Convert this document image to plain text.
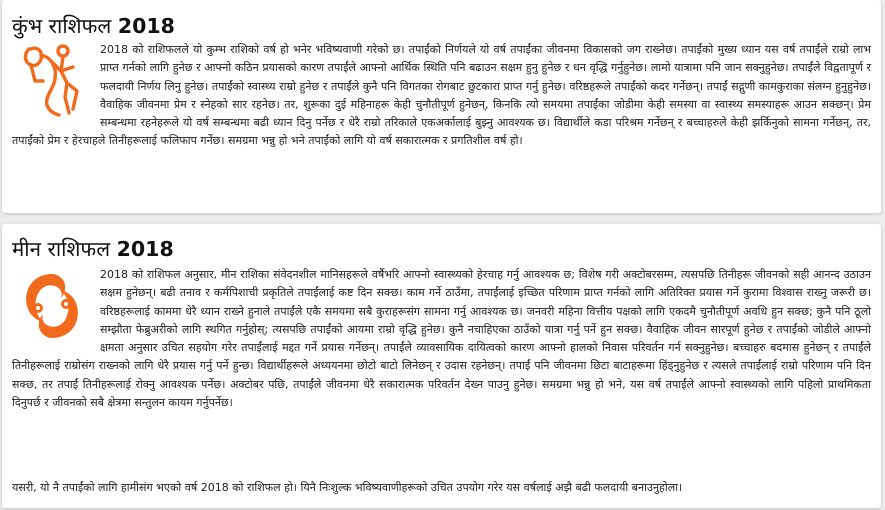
कुंभ राशिफल 2018

2018 को राशिफलले यो कुम्भ राशिको वर्ष हो भनेर भविष्यवाणी गरेको छ। तपाईंको निर्णयले यो वर्ष तपाईंका जीवनमा विकासको जग राख्नेछ। तपाईंको मुख्य ध्यान यस वर्ष तपाईंले राम्रो लाभ प्राप्त गर्नको लागि हुनेछ र आफ्नो कठिन प्रयासको कारण तपाईंले आफ्नो आर्थिक स्थिति पनि बढाउन सक्षम हुनु हुनेछ र धन वृद्धि गर्नुहुनेछ। लामो यात्रामा पनि जान सक्नुहुनेछ। तपाईंले विद्वतापूर्ण र फलदायी निर्णय लिनु हुनेछ। तपाईंको स्वास्थ्य राम्रो हुनेछ र तपाईंले कुनै पनि विगतका रोगबाट छुटकारा प्राप्त गर्नु हुनेछ। वरिष्ठहरूले तपाईंको कदर गर्नेछन्। तपाईं सद्गुणी कामकुराका संलग्न हुनुहुनेछ। वैवाहिक जीवनमा प्रेम र स्नेहको सार रहनेछ। तर, शुरूका दुई महिनाहरू केही चुनौतीपूर्ण हुनेछन्, किनकि त्यो समयमा तपाईंका जोडीमा केही समस्या वा स्वास्थ्य समस्याहरू आउन सक्छन्। प्रेम सम्बन्धमा रहनेहरूले यो वर्ष सम्बन्धमा बढी ध्यान दिनु पर्नेछ र धेरै राम्रो तरिकाले एकअर्कालाई बुझ्नु आवश्यक छ। विद्यार्थीले कडा परिश्रम गर्नेछन् र बच्चाहरुले केही झर्किनुको सामना गर्नेछन्, तर, तपाईंको प्रेम र हेरचाहले तिनीहरूलाई फलिफाप गर्नेछ। समग्रमा भन्नु हो भने तपाईंको लागि यो वर्ष सकारात्मक र प्रगतिशील वर्ष हो।

मीन राशिफल 2018

2018 को राशिफल अनुसार, मीन राशिका संवेदनशील मानिसहरूले वर्षैभरि आफ्नो स्वास्थ्यको हेरचाह गर्नु आवश्यक छ; विशेष गरी अक्टोबरसम्म, त्यसपछि तिनीहरू जीवनको सही आनन्द उठाउन सक्षम हुनेछन्। बढी तनाव र कर्मपिशाची प्रकृतिले तपाईंलाई कष्ट दिन सक्छ। काम गर्ने ठाउँमा, तपाईंलाई इच्छित परिणाम प्राप्त गर्नको लागि अतिरिक्त प्रयास गर्ने कुरामा विश्वास राख्नु जरूरी छ। वरिष्ठहरूलाई काममा धेरै ध्यान राख्ने हुनाले तपाईंले एकै समयमा सबै कुराहरूसंग सामना गर्नु आवश्यक छ। जनवरी महिना वित्तीय पक्षको लागि एकदमै चुनौतीपूर्ण अवधि हुन सक्छ; कुनै पनि ठूलो सम्झौता फेब्रुअरीको लागि स्थगित गर्नुहोस्; त्यसपछि तपाईंको आयमा राम्रो वृद्धि हुनेछ। कुनै नचाहिएका ठाउँको यात्रा गर्नु पर्ने हुन सक्छ। वैवाहिक जीवन सारपूर्ण हुनेछ र तपाईंको जोडीले आफ्नो क्षमता अनुसार उचित सहयोग गरेर तपाईंलाई मद्दत गर्ने प्रयास गर्नेछन्। तपाईंले व्यावसायिक दायित्वको कारण आफ्नो हालको निवास परिवर्तन गर्न सक्नुहुनेछ। बच्चाहरु बदमास हुनेछन् र तपाईंले तिनीहरूलाई राम्रोसंग राख्नको लागि धेरै प्रयास गर्नु पर्ने हुन्छ। विद्यार्थीहरूले अध्ययनमा छोटो बाटो लिनेछन् र उदास रहनेछन्। तपाईं पनि जीवनमा छिटा बाटाहरूमा हिंड्नुहुनेछ र त्यसले तपाईंलाई राम्रो परिणाम पनि दिन सक्छ, तर तपाईं तिनीहरूलाई रोक्नु आवश्यक पर्नेछ। अक्टोबर पछि, तपाईंले जीवनमा धेरै सकारात्मक परिवर्तन देख्न पाउनु हुनेछ। समग्रमा भन्नु हो भने, यस वर्ष तपाईंले आफ्नो स्वास्थ्यको लागि पहिलो प्राथमिकता दिनुपर्छ र जीवनको सबै क्षेत्रमा सन्तुलन कायम गर्नुपर्नेछ।

यसरी, यो नै तपाईंको लागि हामीसंग भएको वर्ष 2018 को राशिफल हो। यिनै निःशुल्क भविष्यवाणीहरूको उचित उपयोग गरेर यस वर्षलाई अझै बढी फलदायी बनाउनुहोला।
